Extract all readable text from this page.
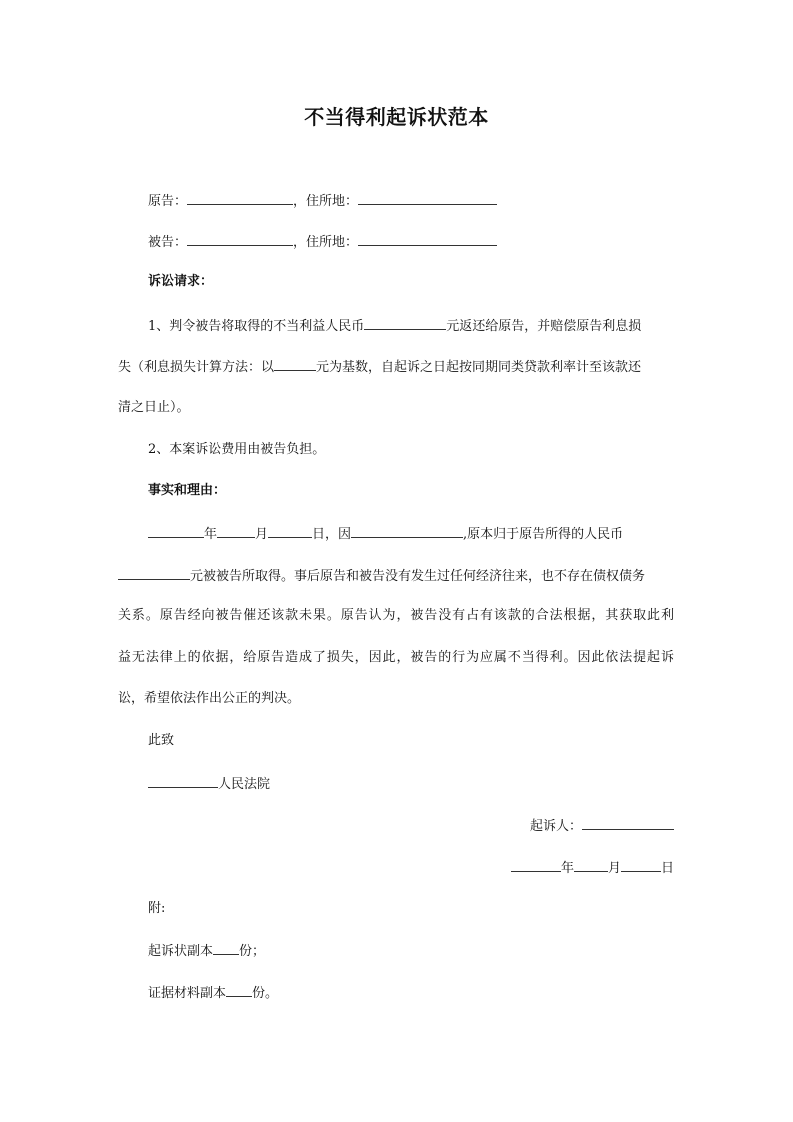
不当得利起诉状范本
原告：	，住所地：
被告：	，住所地：
诉讼请求：
1、判令被告将取得的不当利益人民币	元返还给原告，并赔偿原告利息损
失（利息损失计算方法：以	元为基数，自起诉之日起按同期同类贷款利率计至该款还
清之日止）。
2、本案诉讼费用由被告负担。
事实和理由：
年	月	日，因	,原本归于原告所得的人民币
元被被告所取得。事后原告和被告没有发生过任何经济往来，也不存在债权债务
关系。原告经向被告催还该款未果。原告认为，被告没有占有该款的合法根据，其获取此利
益无法律上的依据，给原告造成了损失，因此，被告的行为应属不当得利。因此依法提起诉
讼，希望依法作出公正的判决。
此致
人民法院
起诉人：
年	月	日
附:
起诉状副本 份；
证据材料副本 份。
